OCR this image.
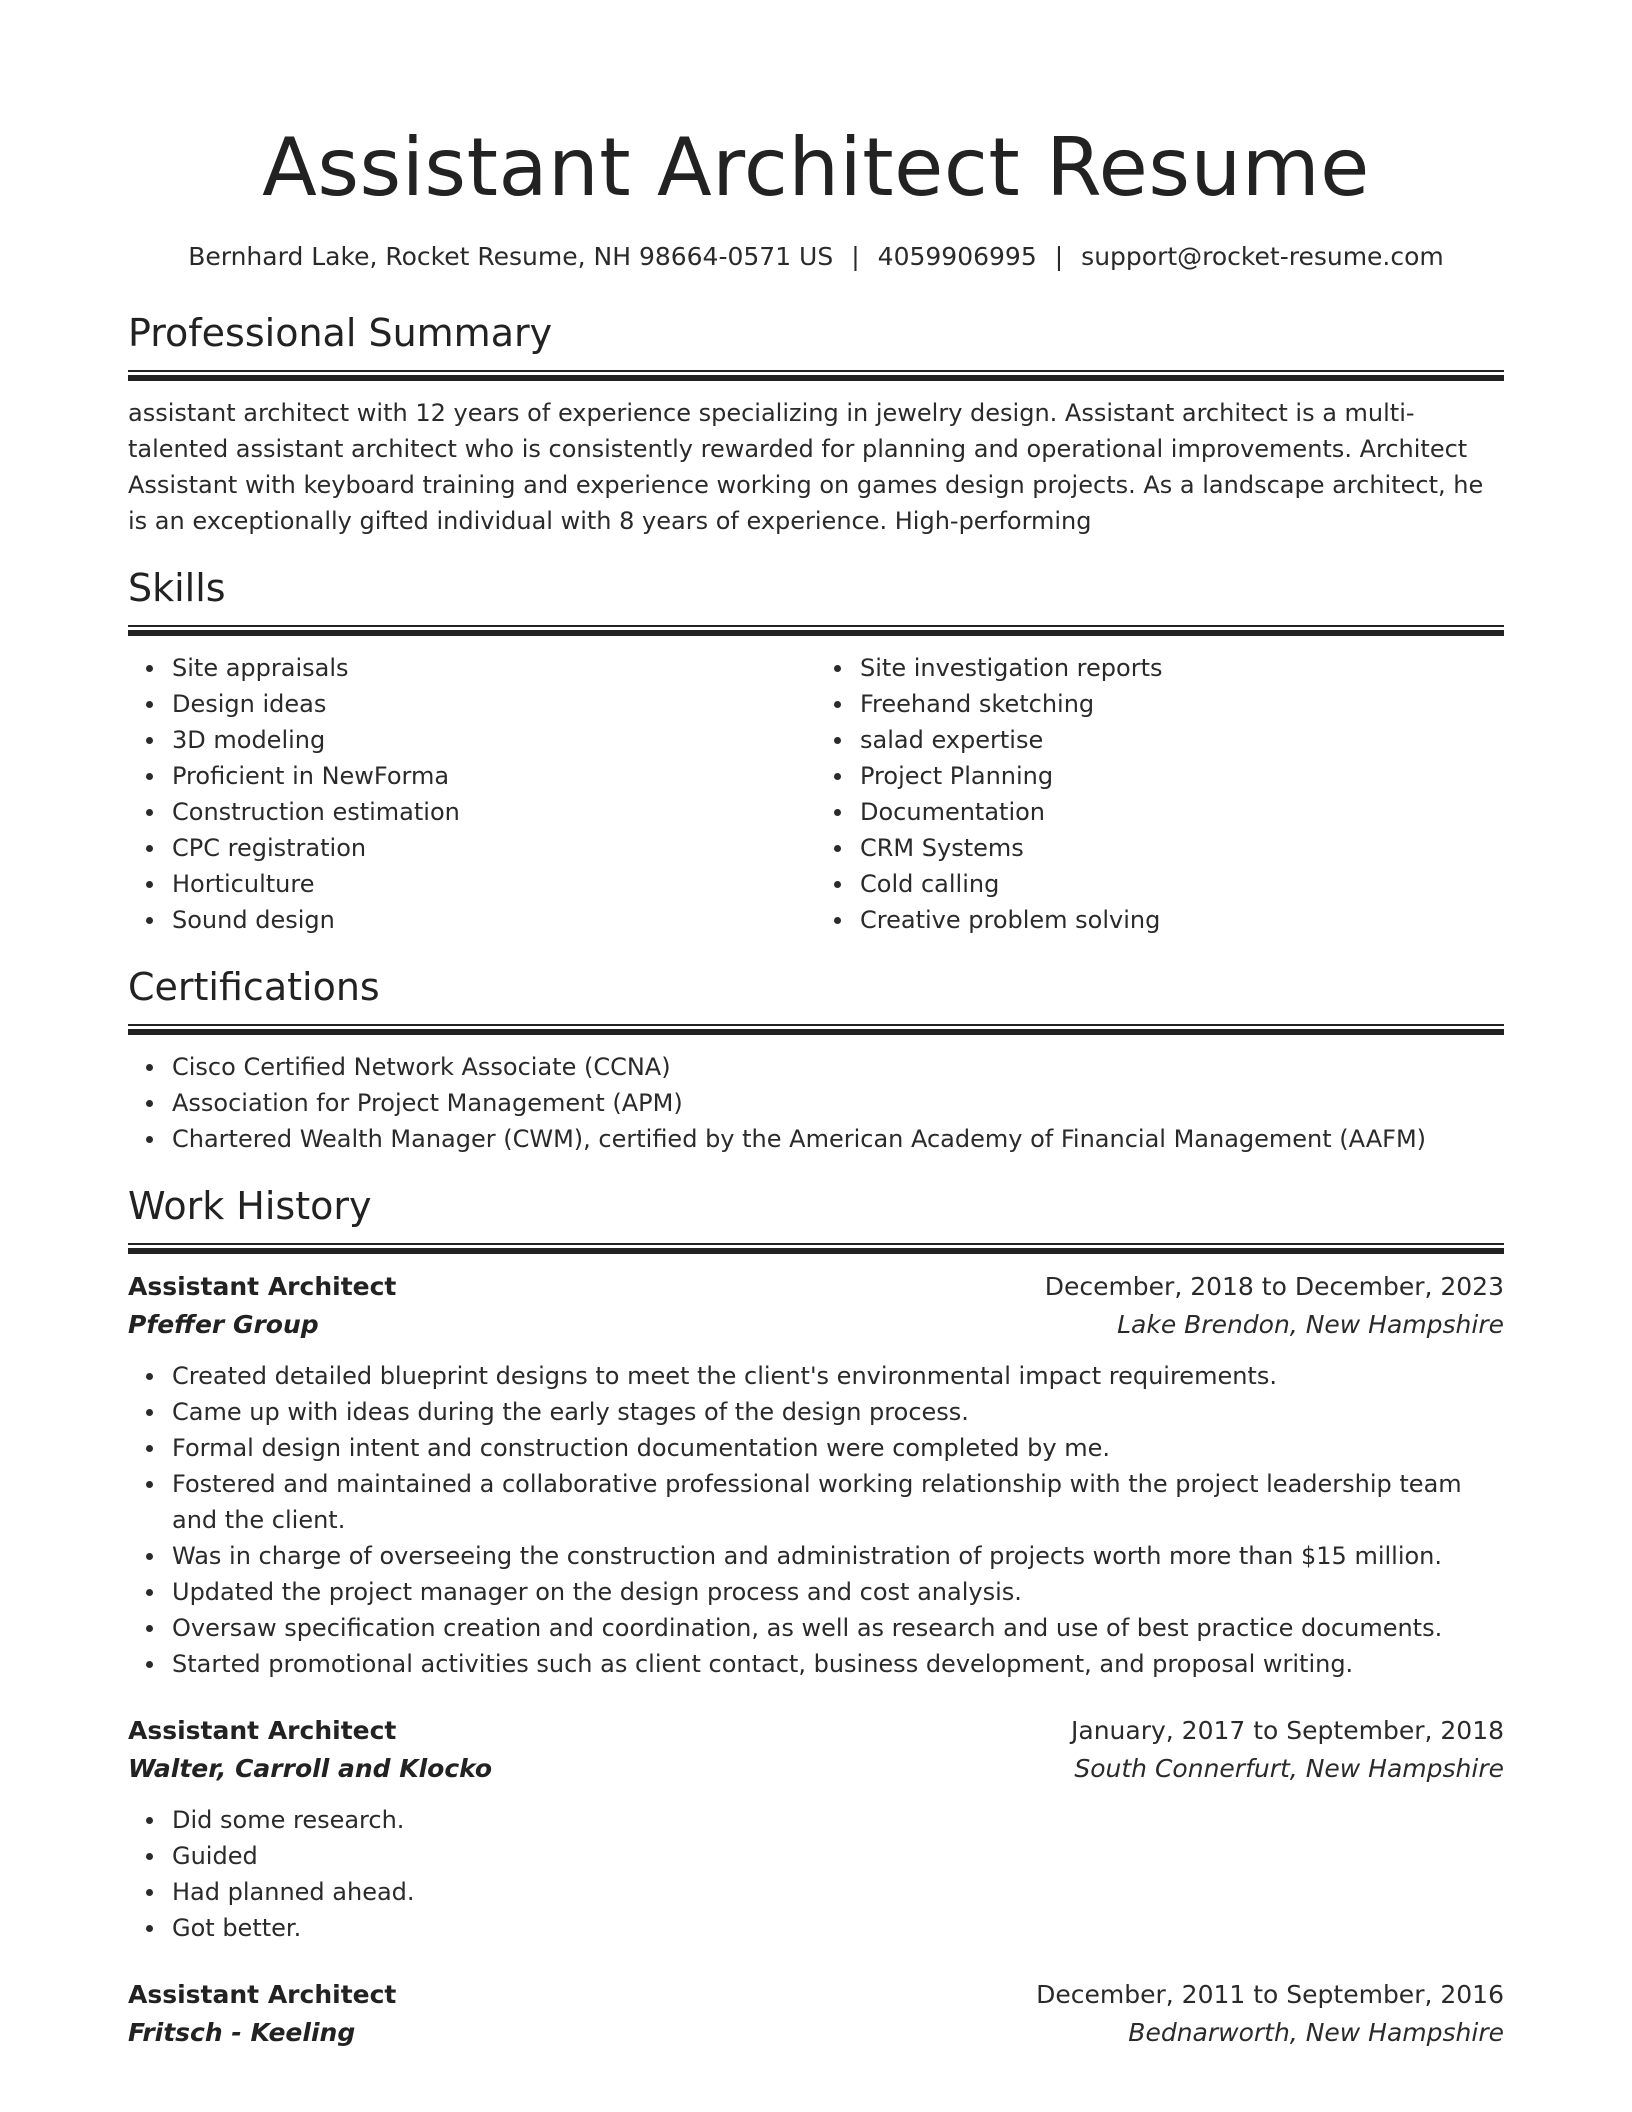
Assistant Architect Resume
Bernhard Lake, Rocket Resume, NH 98664-0571 US | 4059906995 | support@rocket-resume.com
Professional Summary

assistant architect with 12 years of experience specializing in jewelry design. Assistant architect is a multi-talented assistant architect who is consistently rewarded for planning and operational improvements. Architect Assistant with keyboard training and experience working on games design projects. As a landscape architect, he is an exceptionally gifted individual with 8 years of experience. High-performing

Skills
Site appraisals
Design ideas
3D modeling
Proficient in NewForma
Construction estimation
CPC registration
Horticulture
Sound design
Site investigation reports
Freehand sketching
salad expertise
Project Planning
Documentation
CRM Systems
Cold calling
Creative problem solving
Certifications
Cisco Certified Network Associate (CCNA)
Association for Project Management (APM)
Chartered Wealth Manager (CWM), certified by the American Academy of Financial Management (AAFM)
Work History
Assistant Architect	December, 2018 to December, 2023
Pfeffer Group	Lake Brendon, New Hampshire
Created detailed blueprint designs to meet the client's environmental impact requirements.
Came up with ideas during the early stages of the design process.
Formal design intent and construction documentation were completed by me.
Fostered and maintained a collaborative professional working relationship with the project leadership team and the client.
Was in charge of overseeing the construction and administration of projects worth more than $15 million.
Updated the project manager on the design process and cost analysis.
Oversaw specification creation and coordination, as well as research and use of best practice documents.
Started promotional activities such as client contact, business development, and proposal writing.
Assistant Architect	January, 2017 to September, 2018
Walter, Carroll and Klocko	South Connerfurt, New Hampshire
Did some research.
Guided
Had planned ahead.
Got better.
Assistant Architect	December, 2011 to September, 2016
Fritsch - Keeling	Bednarworth, New Hampshire
